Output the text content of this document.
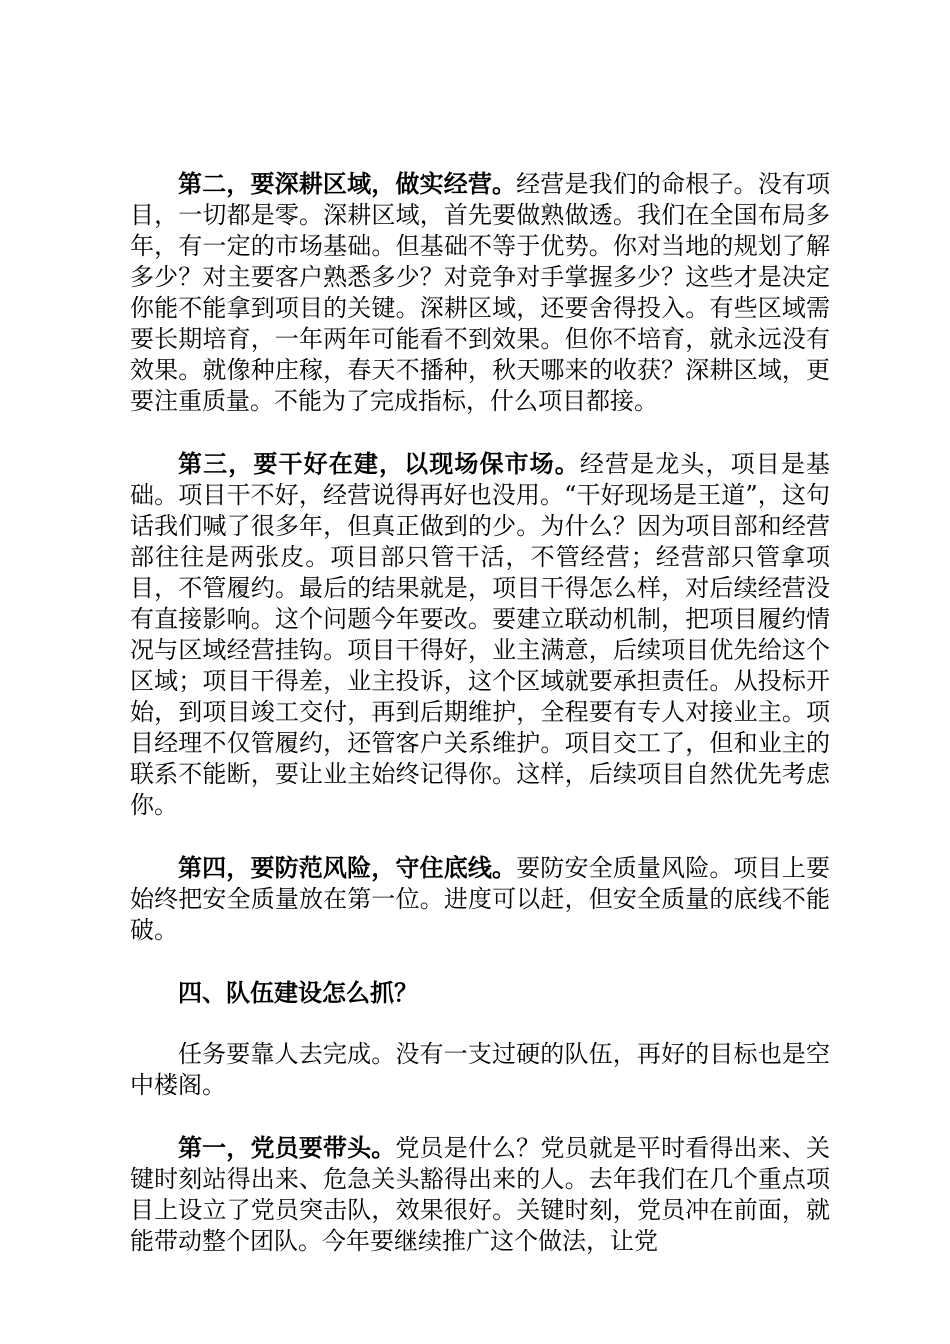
第二，要深耕区域，做实经营。经营是我们的命根子。没有项目，一切都是零。深耕区域，首先要做熟做透。我们在全国布局多年，有一定的市场基础。但基础不等于优势。你对当地的规划了解多少？对主要客户熟悉多少？对竞争对手掌握多少？这些才是决定你能不能拿到项目的关键。深耕区域，还要舍得投入。有些区域需要长期培育，一年两年可能看不到效果。但你不培育，就永远没有效果。就像种庄稼，春天不播种，秋天哪来的收获？深耕区域，更要注重质量。不能为了完成指标，什么项目都接。

第三，要干好在建，以现场保市场。经营是龙头，项目是基础。项目干不好，经营说得再好也没用。“干好现场是王道”，这句话我们喊了很多年，但真正做到的少。为什么？因为项目部和经营部往往是两张皮。项目部只管干活，不管经营；经营部只管拿项目，不管履约。最后的结果就是，项目干得怎么样，对后续经营没有直接影响。这个问题今年要改。要建立联动机制，把项目履约情况与区域经营挂钩。项目干得好，业主满意，后续项目优先给这个区域；项目干得差，业主投诉，这个区域就要承担责任。从投标开始，到项目竣工交付，再到后期维护，全程要有专人对接业主。项目经理不仅管履约，还管客户关系维护。项目交工了，但和业主的联系不能断，要让业主始终记得你。这样，后续项目自然优先考虑你。

第四，要防范风险，守住底线。要防安全质量风险。项目上要始终把安全质量放在第一位。进度可以赶，但安全质量的底线不能破。

四、队伍建设怎么抓？

任务要靠人去完成。没有一支过硬的队伍，再好的目标也是空中楼阁。

第一，党员要带头。党员是什么？党员就是平时看得出来、关键时刻站得出来、危急关头豁得出来的人。去年我们在几个重点项目上设立了党员突击队，效果很好。关键时刻，党员冲在前面，就能带动整个团队。今年要继续推广这个做法，让党
